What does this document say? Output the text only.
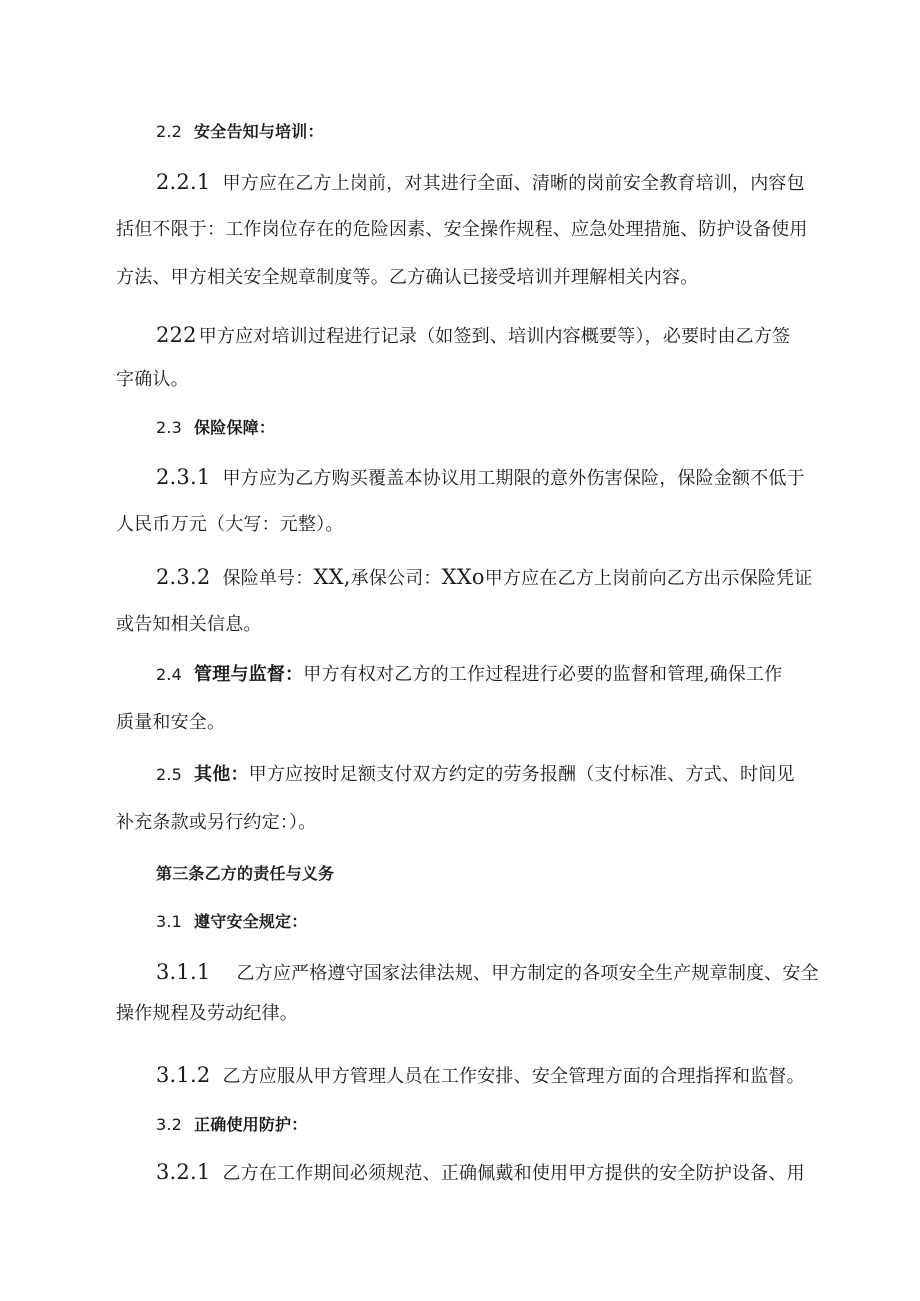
2.2 安全告知与培训：
2.2.1 甲方应在乙方上岗前，对其进行全面、清晰的岗前安全教育培训，内容包
括但不限于：工作岗位存在的危险因素、安全操作规程、应急处理措施、防护设备使用
方法、甲方相关安全规章制度等。乙方确认已接受培训并理解相关内容。
222 甲方应对培训过程进行记录（如签到、培训内容概要等），必要时由乙方签
字确认。
2.3 保险保障：
2.3.1 甲方应为乙方购买覆盖本协议用工期限的意外伤害保险，保险金额不低于
人民币万元（大写：元整）。
2.3.2 保险单号：XX,承保公司：XXo甲方应在乙方上岗前向乙方出示保险凭证
或告知相关信息。
2.4 管理与监督：甲方有权对乙方的工作过程进行必要的监督和管理,确保工作
质量和安全。
2.5 其他：甲方应按时足额支付双方约定的劳务报酬（支付标准、方式、时间见
补充条款或另行约定：）。
第三条乙方的责任与义务
3.1 遵守安全规定：
3.1.1 乙方应严格遵守国家法律法规、甲方制定的各项安全生产规章制度、安全
操作规程及劳动纪律。
3.1.2 乙方应服从甲方管理人员在工作安排、安全管理方面的合理指挥和监督。
3.2 正确使用防护：
3.2.1 乙方在工作期间必须规范、正确佩戴和使用甲方提供的安全防护设备、用
